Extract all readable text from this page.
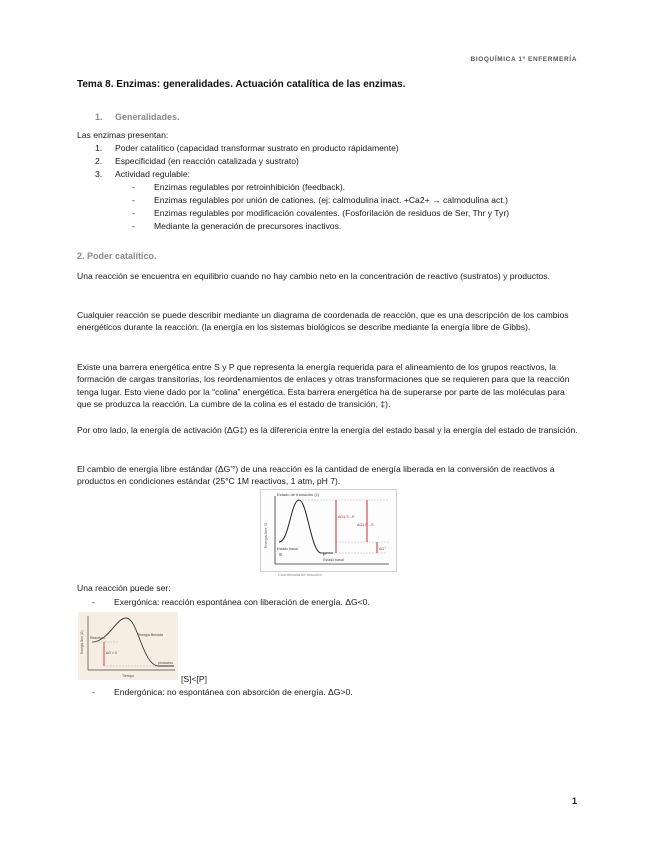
BIOQUÍMICA 1º ENFERMERÍA
Tema 8. Enzimas: generalidades. Actuación catalítica de las enzimas.
1. Generalidades.
Las enzimas presentan:
1. Poder catalítico (capacidad transformar sustrato en producto rápidamente)
2. Especificidad (en reacción catalizada y sustrato)
3. Actividad regulable:
- Enzimas regulables por retroinhibición (feedback).
- Enzimas regulables por unión de cationes. (ej: calmodulina inact. +Ca2+ → calmodulina act.)
- Enzimas regulables por modificación covalentes. (Fosforilación de residuos de Ser, Thr y Tyr)
- Mediante la generación de precursores inactivos.
2. Poder catalítico.

Una reacción se encuentra en equilibrio cuando no hay cambio neto en la concentración de reactivo (sustratos) y productos.

Cualquier reacción se puede describir mediante un diagrama de coordenada de reacción, que es una descripción de los cambios energéticos durante la reacción. (la energía en los sistemas biológicos se describe mediante la energía libre de Gibbs).

Existe una barrera energética entre S y P que representa la energía requerida para el alineamiento de los grupos reactivos, la formación de cargas transitorias, los reordenamientos de enlaces y otras transformaciones que se requieren para que la reacción tenga lugar. Esto viene dado por la “colina” energética. Esta barrera energética ha de superarse por parte de las moléculas para que se produzca la reacción. La cumbre de la colina es el estado de transición, ‡).

Por otro lado, la energía de activación (ΔG‡) es la diferencia entre la energía del estado basal y la energía del estado de transición.

El cambio de energía libre estándar (ΔG'°) de una reacción es la cantidad de energía liberada en la conversión de reactivos a productos en condiciones estándar (25°C 1M reactivos, 1 atm, pH 7).

Estado de transición (‡)
Energía libre, G
Estado basal
S
Estado basal
P
ΔG‡ S→P
ΔG‡ P→S
ΔG'°
Coordenada de reacción
Una reacción puede ser:
- Exergónica: reacción espontánea con liberación de energía. ΔG<0.
Energía libre (G) Reactivos
Energía liberada
ΔG < 0
productos
Tiempo	[S]<[P]
- Endergónica: no espontánea con absorción de energía. ΔG>0.
1
